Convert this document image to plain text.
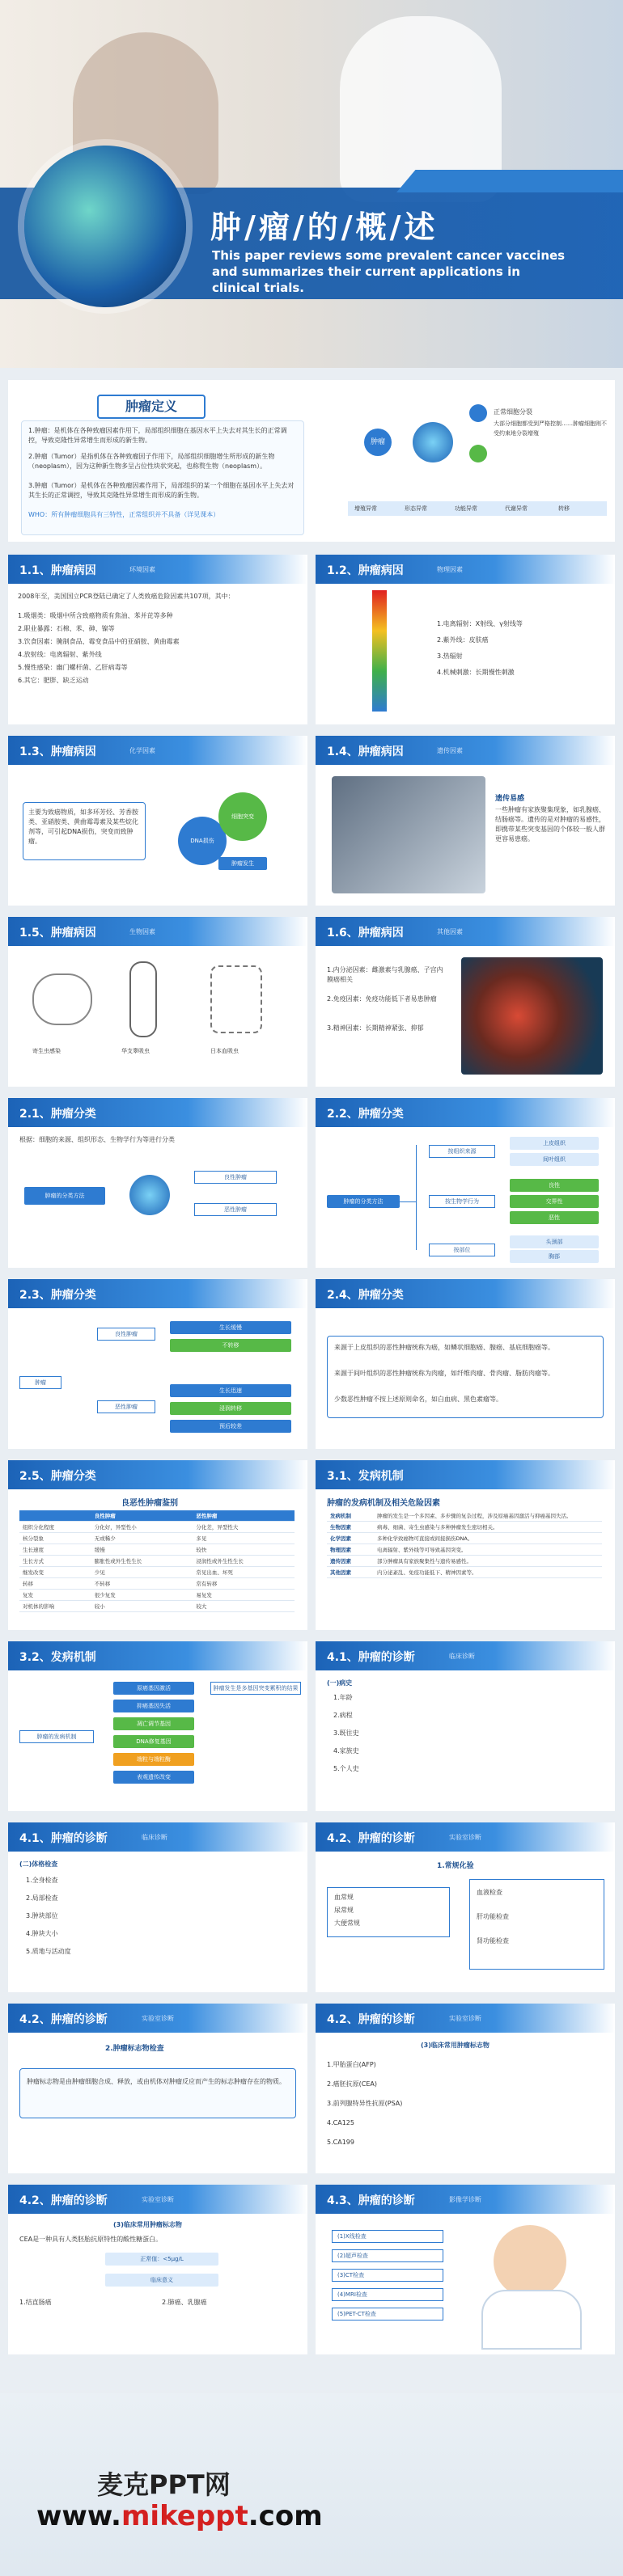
肿/瘤/的/概/述
This paper reviews some prevalent cancer vaccines and summarizes their current applications in clinical trials.
肿瘤定义
1.肿瘤：是机体在各种致瘤因素作用下，局部组织细胞在基因水平上失去对其生长的正常调控，导致克隆性异常增生而形成的新生物。
2.肿瘤（Tumor）是指机体在各种致瘤因子作用下，局部组织细胞增生所形成的新生物（neoplasm），因为这种新生物多呈占位性块状突起，也称赘生物（neoplasm）。
3.肿瘤（Tumor）是机体在各种致瘤因素作用下，局部组织的某一个细胞在基因水平上失去对其生长的正常调控，导致其克隆性异常增生而形成的新生物。
WHO：所有肿瘤细胞具有三特性，正常组织并不具备（详见课本）
肿瘤
正常细胞分裂
大部分细胞都受到严格控制……肿瘤细胞则不受约束地分裂增殖
增殖异常	形态异常	功能异常	代谢异常	转移
1.1、肿瘤病因	环境因素
2008年至，美国国立PCR登陆已确定了人类致癌危险因素共107项，其中：
1.吸烟类：吸烟中所含致癌物质有焦油、苯并芘等多种
2.职业暴露：石棉、苯、砷、镍等
3.饮食因素：腌制食品、霉变食品中的亚硝胺、黄曲霉素
4.放射线：电离辐射、紫外线
5.慢性感染：幽门螺杆菌、乙肝病毒等
6.其它：肥胖、缺乏运动
1.2、肿瘤病因	物理因素
1.电离辐射：X射线、γ射线等
2.紫外线：皮肤癌
3.热辐射
4.机械刺激：长期慢性刺激
1.3、肿瘤病因	化学因素
主要为致癌物质，如多环芳烃、芳香胺类、亚硝胺类、黄曲霉毒素及某些烷化剂等，可引起DNA损伤，突变而致肿瘤。	DNA损伤
细胞突变
肿瘤发生
1.4、肿瘤病因	遗传因素
遗传易感
一些肿瘤有家族聚集现象，如乳腺癌、结肠癌等。遗传的是对肿瘤的易感性，即携带某些突变基因的个体较一般人群更容易患癌。
1.5、肿瘤病因	生物因素
寄生虫感染	华支睾吸虫	日本血吸虫
1.6、肿瘤病因	其他因素
1.内分泌因素：雌激素与乳腺癌、子宫内膜癌相关
2.免疫因素：免疫功能低下者易患肿瘤
3.精神因素：长期精神紧张、抑郁
2.1、肿瘤分类
根据：细胞的来源、组织形态、生物学行为等进行分类
肿瘤的分类方法
良性肿瘤
恶性肿瘤
2.2、肿瘤分类
肿瘤的分类方法
按组织来源
按生物学行为
按部位
上皮组织
间叶组织
良性
交界性
恶性
头颈部
胸部
2.3、肿瘤分类
肿瘤
良性肿瘤
恶性肿瘤
生长缓慢
不转移
生长迅速
浸润转移
预后较差
2.4、肿瘤分类
来源于上皮组织的恶性肿瘤统称为癌，如鳞状细胞癌、腺癌、基底细胞癌等。
来源于间叶组织的恶性肿瘤统称为肉瘤，如纤维肉瘤、骨肉瘤、脂肪肉瘤等。
少数恶性肿瘤不按上述原则命名，如白血病、黑色素瘤等。
2.5、肿瘤分类
良恶性肿瘤鉴别
	良性肿瘤	恶性肿瘤
组织分化程度	分化好，异型性小	分化差，异型性大
核分裂象	无或稀少	多见
生长速度	缓慢	较快
生长方式	膨胀性或外生性生长	浸润性或外生性生长
继发改变	少见	常见出血、坏死
转移	不转移	常有转移
复发	很少复发	易复发
对机体的影响	较小	较大
3.1、发病机制
肿瘤的发病机制及相关危险因素
发病机制	肿瘤的发生是一个多因素、多步骤的复杂过程，涉及原癌基因激活与抑癌基因失活。
生物因素	病毒、细菌、寄生虫感染与多种肿瘤发生密切相关。
化学因素	多种化学致癌物可直接或间接损伤DNA。
物理因素	电离辐射、紫外线等可导致基因突变。
遗传因素	部分肿瘤具有家族聚集性与遗传易感性。
其他因素	内分泌紊乱、免疫功能低下、精神因素等。
3.2、发病机制
肿瘤的发病机制
原癌基因激活
抑癌基因失活
凋亡调节基因
DNA修复基因
端粒与端粒酶
表观遗传改变
肿瘤发生是多基因突变累积的结果
4.1、肿瘤的诊断	临床诊断
(一)病史
1.年龄
2.病程
3.既往史
4.家族史
5.个人史
4.1、肿瘤的诊断	临床诊断
(二)体格检查
1.全身检查
2.局部检查
3.肿块部位
4.肿块大小
5.质地与活动度
4.2、肿瘤的诊断	实验室诊断
1.常规化验
血常规
尿常规
大便常规
血液检查
肝功能检查
肾功能检查
4.2、肿瘤的诊断	实验室诊断
2.肿瘤标志物检查
肿瘤标志物是由肿瘤细胞合成、释放，或由机体对肿瘤反应而产生的标志肿瘤存在的物质。
4.2、肿瘤的诊断	实验室诊断
(3)临床常用肿瘤标志物
1.甲胎蛋白(AFP)
2.癌胚抗原(CEA)
3.前列腺特异性抗原(PSA)
4.CA125
5.CA199
4.2、肿瘤的诊断	实验室诊断
(3)临床常用肿瘤标志物
CEA是一种具有人类胚胎抗原特性的酸性糖蛋白。
正常值：<5μg/L
临床意义
1.结直肠癌	2.肺癌、乳腺癌
4.3、肿瘤的诊断	影像学诊断
(1)X线检查
(2)超声检查
(3)CT检查
(4)MRI检查
(5)PET-CT检查
麦克PPT网
www.mikeppt.com
